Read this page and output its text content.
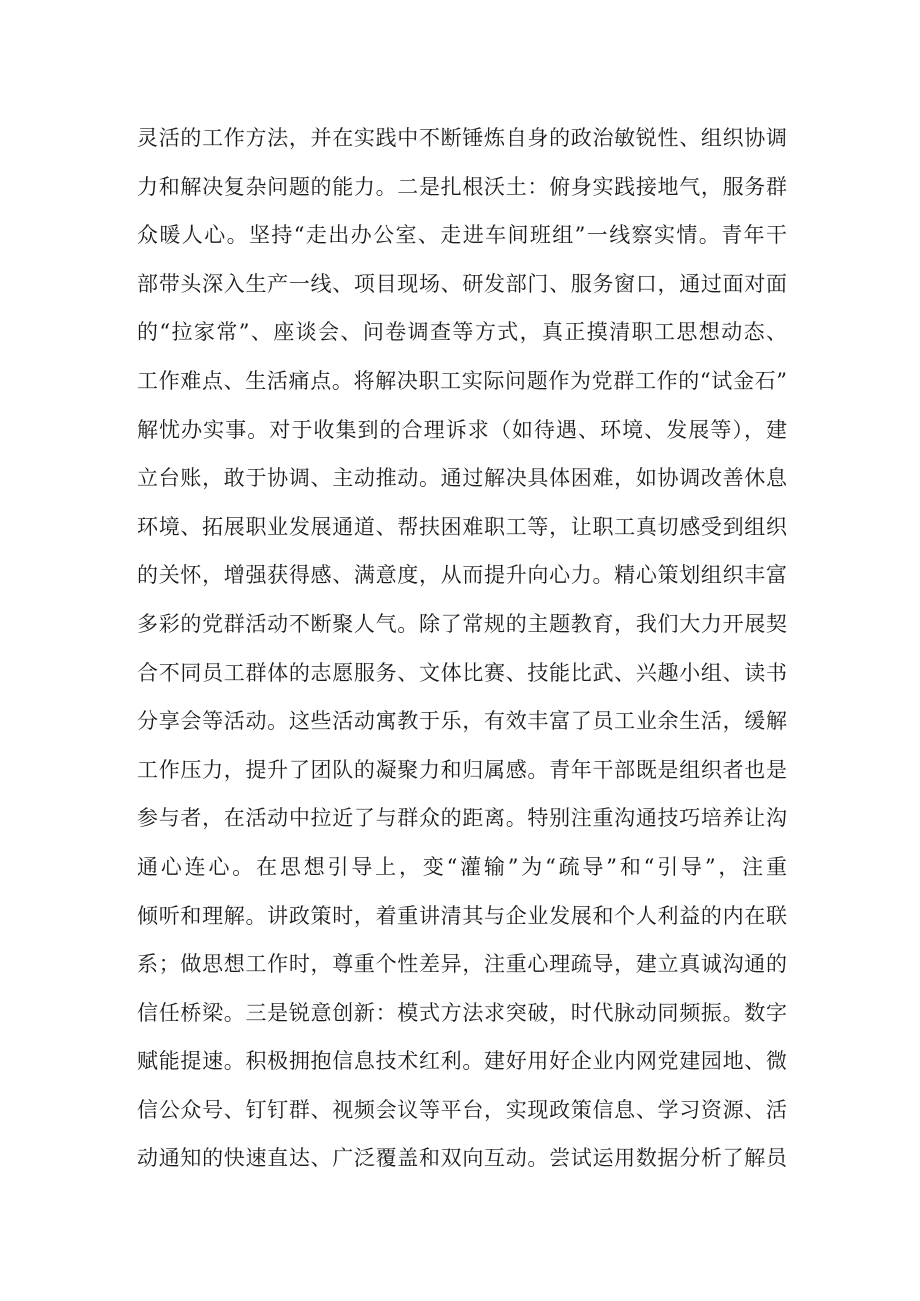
灵活的工作方法，并在实践中不断锤炼自身的政治敏锐性、组织协调
力和解决复杂问题的能力。二是扎根沃土：俯身实践接地气，服务群
众暖人心。坚持“走出办公室、走进车间班组”一线察实情。青年干
部带头深入生产一线、项目现场、研发部门、服务窗口，通过面对面
的“拉家常”、座谈会、问卷调查等方式，真正摸清职工思想动态、
工作难点、生活痛点。将解决职工实际问题作为党群工作的“试金石”
解忧办实事。对于收集到的合理诉求（如待遇、环境、发展等），建
立台账，敢于协调、主动推动。通过解决具体困难，如协调改善休息
环境、拓展职业发展通道、帮扶困难职工等，让职工真切感受到组织
的关怀，增强获得感、满意度，从而提升向心力。精心策划组织丰富
多彩的党群活动不断聚人气。除了常规的主题教育，我们大力开展契
合不同员工群体的志愿服务、文体比赛、技能比武、兴趣小组、读书
分享会等活动。这些活动寓教于乐，有效丰富了员工业余生活，缓解
工作压力，提升了团队的凝聚力和归属感。青年干部既是组织者也是
参与者，在活动中拉近了与群众的距离。特别注重沟通技巧培养让沟
通心连心。在思想引导上，变“灌输”为“疏导”和“引导”，注重
倾听和理解。讲政策时，着重讲清其与企业发展和个人利益的内在联
系；做思想工作时，尊重个性差异，注重心理疏导，建立真诚沟通的
信任桥梁。三是锐意创新：模式方法求突破，时代脉动同频振。数字
赋能提速。积极拥抱信息技术红利。建好用好企业内网党建园地、微
信公众号、钉钉群、视频会议等平台，实现政策信息、学习资源、活
动通知的快速直达、广泛覆盖和双向互动。尝试运用数据分析了解员
